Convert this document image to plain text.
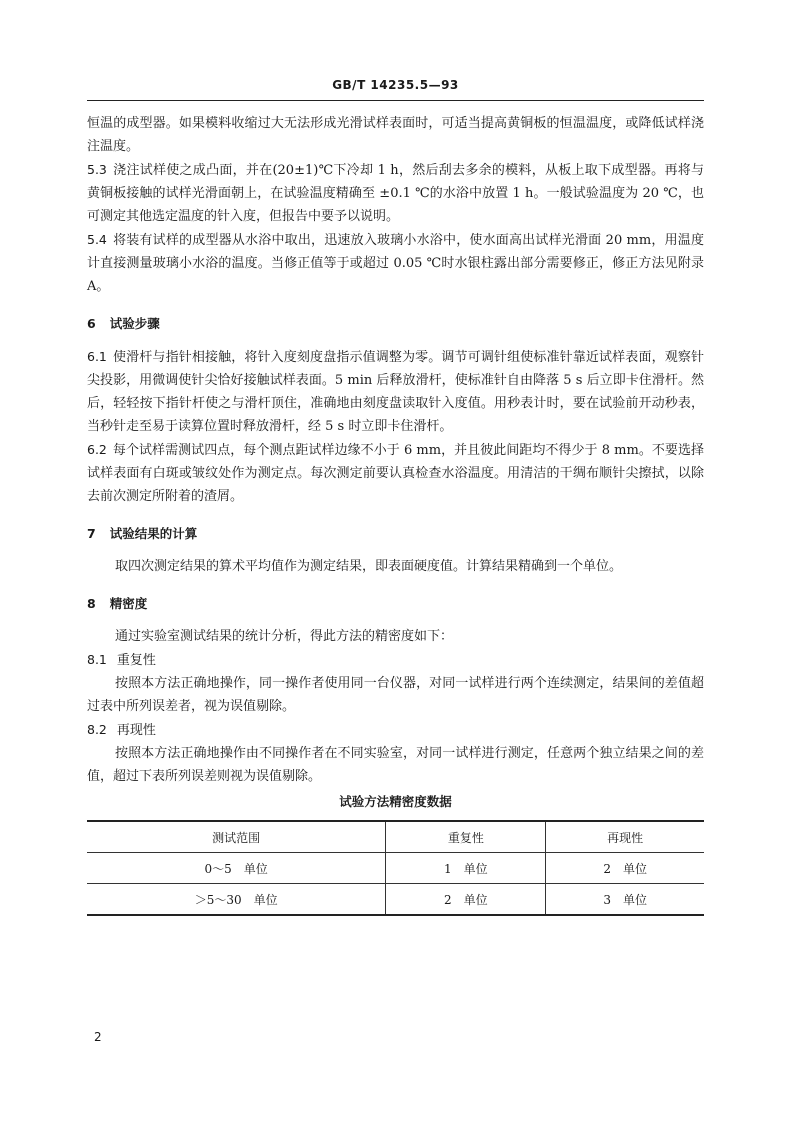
GB/T 14235.5—93

恒温的成型器。如果模料收缩过大无法形成光滑试样表面时，可适当提高黄铜板的恒温温度，或降低试样浇注温度。

5.3 浇注试样使之成凸面，并在(20±1)℃下冷却 1 h，然后刮去多余的模料，从板上取下成型器。再将与黄铜板接触的试样光滑面朝上，在试验温度精确至 ±0.1 ℃的水浴中放置 1 h。一般试验温度为 20 ℃，也可测定其他选定温度的针入度，但报告中要予以说明。

5.4 将装有试样的成型器从水浴中取出，迅速放入玻璃小水浴中，使水面高出试样光滑面 20 mm，用温度计直接测量玻璃小水浴的温度。当修正值等于或超过 0.05 ℃时水银柱露出部分需要修正，修正方法见附录 A。

6 试验步骤

6.1 使滑杆与指针相接触，将针入度刻度盘指示值调整为零。调节可调针组使标准针靠近试样表面，观察针尖投影，用微调使针尖恰好接触试样表面。5 min 后释放滑杆，使标准针自由降落 5 s 后立即卡住滑杆。然后，轻轻按下指针杆使之与滑杆顶住，准确地由刻度盘读取针入度值。用秒表计时，要在试验前开动秒表，当秒针走至易于读算位置时释放滑杆，经 5 s 时立即卡住滑杆。

6.2 每个试样需测试四点，每个测点距试样边缘不小于 6 mm，并且彼此间距均不得少于 8 mm。不要选择试样表面有白斑或皱纹处作为测定点。每次测定前要认真检查水浴温度。用清洁的干绸布顺针尖擦拭，以除去前次测定所附着的渣屑。

7 试验结果的计算

取四次测定结果的算术平均值作为测定结果，即表面硬度值。计算结果精确到一个单位。

8 精密度

通过实验室测试结果的统计分析，得此方法的精密度如下：

8.1 重复性

按照本方法正确地操作，同一操作者使用同一台仪器，对同一试样进行两个连续测定，结果间的差值超过表中所列误差者，视为误值剔除。

8.2 再现性

按照本方法正确地操作由不同操作者在不同实验室，对同一试样进行测定，任意两个独立结果之间的差值，超过下表所列误差则视为误值剔除。

试验方法精密度数据
测试范围	重复性	再现性
0～5　单位	1　单位	2　单位
＞5～30　单位	2　单位	3　单位
2
